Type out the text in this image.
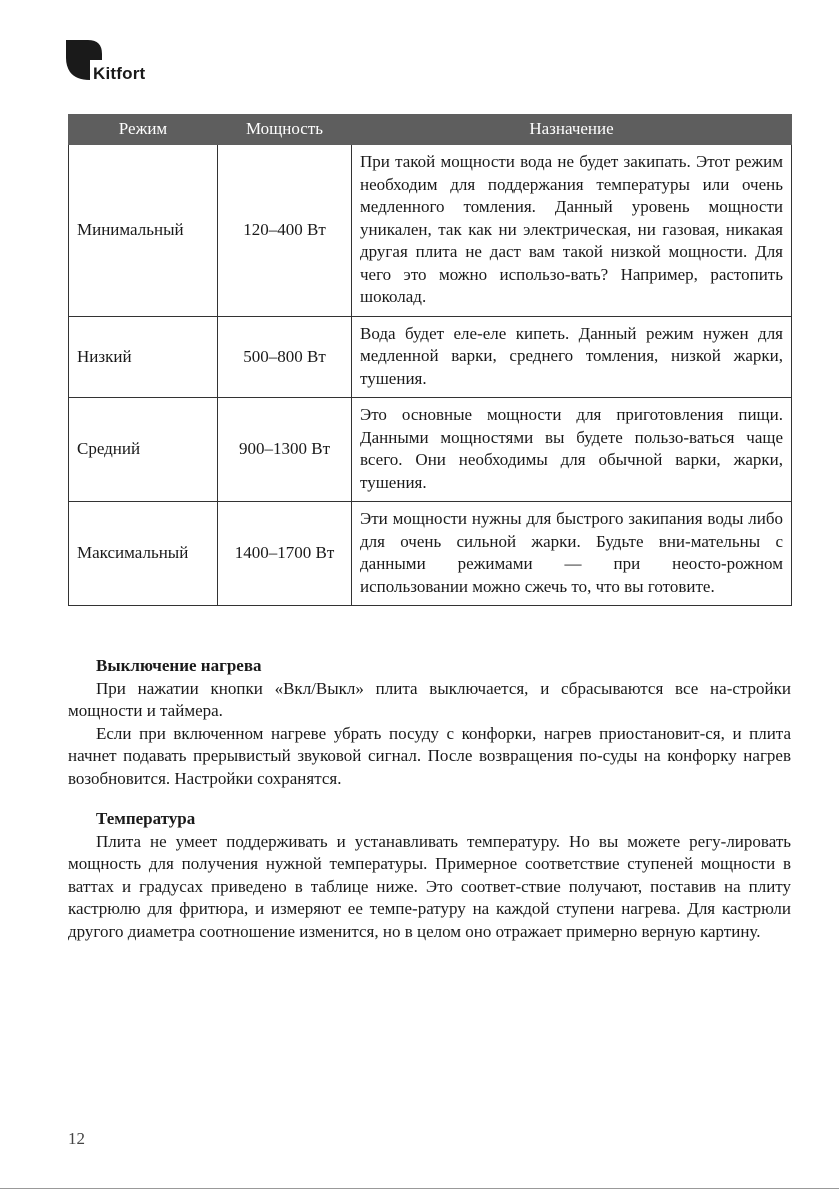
Kitfort
Режим	Мощность	Назначение
Минимальный	120–400 Вт	При такой мощности вода не будет закипать. Этот режим необходим для поддержания температуры или очень медленного томления. Данный уровень мощности уникален, так как ни электрическая, ни газовая, никакая другая плита не даст вам такой низкой мощности. Для чего это можно использо-вать? Например, растопить шоколад.
Низкий	500–800 Вт	Вода будет еле-еле кипеть. Данный режим нужен для медленной варки, среднего томления, низкой жарки, тушения.
Средний	900–1300 Вт	Это основные мощности для приготовления пищи. Данными мощностями вы будете пользо-ваться чаще всего. Они необходимы для обычной варки, жарки, тушения.
Максимальный	1400–1700 Вт	Эти мощности нужны для быстрого закипания воды либо для очень сильной жарки. Будьте вни-мательны с данными режимами — при неосто-рожном использовании можно сжечь то, что вы готовите.
Выключение нагрева

При нажатии кнопки «Вкл/Выкл» плита выключается, и сбрасываются все на-стройки мощности и таймера.

Если при включенном нагреве убрать посуду с конфорки, нагрев приостановит-ся, и плита начнет подавать прерывистый звуковой сигнал. После возвращения по-суды на конфорку нагрев возобновится. Настройки сохранятся.

Температура

Плита не умеет поддерживать и устанавливать температуру. Но вы можете регу-лировать мощность для получения нужной температуры. Примерное соответствие ступеней мощности в ваттах и градусах приведено в таблице ниже. Это соответ-ствие получают, поставив на плиту кастрюлю для фритюра, и измеряют ее темпе-ратуру на каждой ступени нагрева. Для кастрюли другого диаметра соотношение изменится, но в целом оно отражает примерно верную картину.

12
